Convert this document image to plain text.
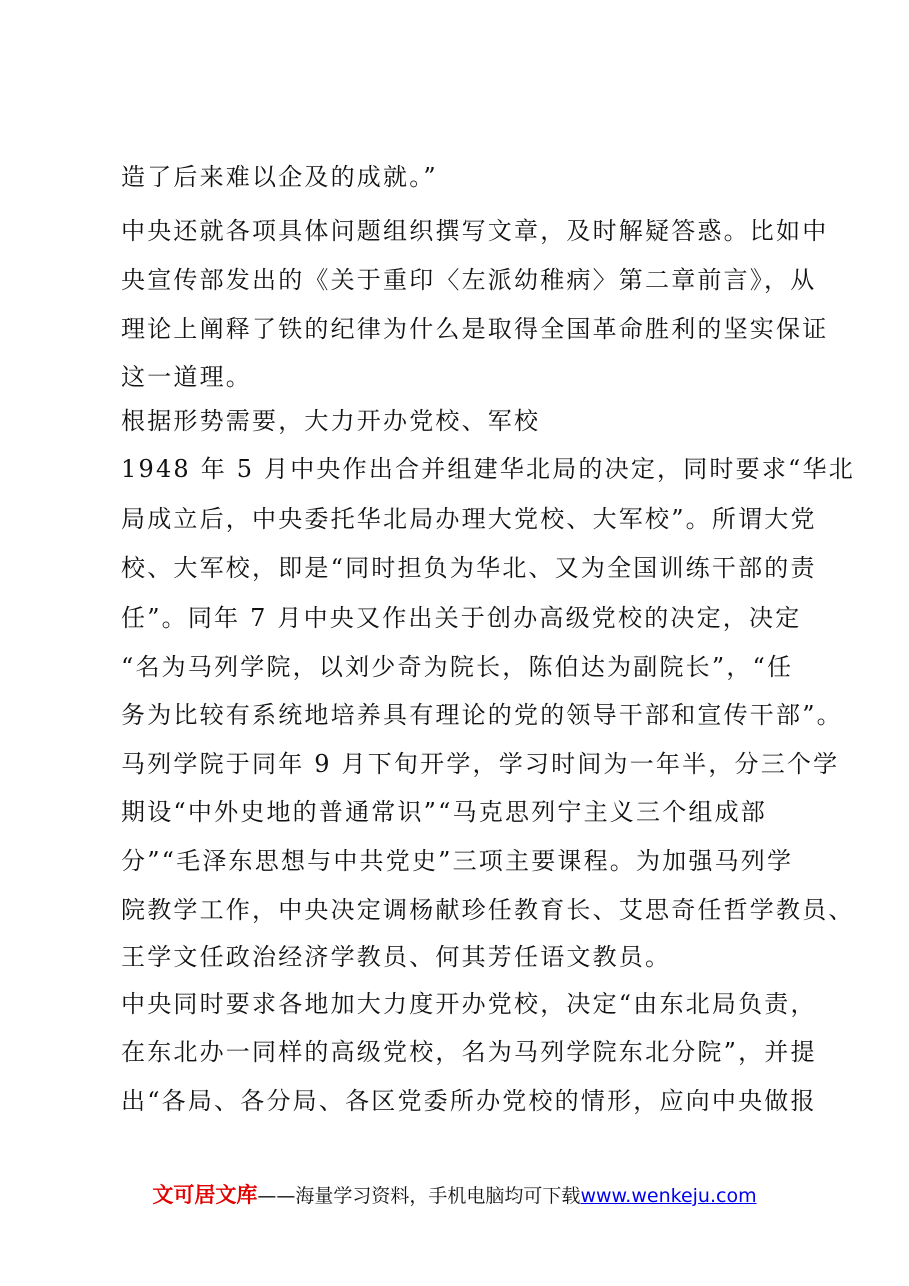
造了后来难以企及的成就。”
中央还就各项具体问题组织撰写文章，及时解疑答惑。比如中
央宣传部发出的《关于重印〈左派幼稚病〉第二章前言》，从
理论上阐释了铁的纪律为什么是取得全国革命胜利的坚实保证
这一道理。
根据形势需要，大力开办党校、军校
1948 年 5 月中央作出合并组建华北局的决定，同时要求“华北
局成立后，中央委托华北局办理大党校、大军校”。所谓大党
校、大军校，即是“同时担负为华北、又为全国训练干部的责
任”。同年 7 月中央又作出关于创办高级党校的决定，决定
“名为马列学院，以刘少奇为院长，陈伯达为副院长”，“任
务为比较有系统地培养具有理论的党的领导干部和宣传干部”。
马列学院于同年 9 月下旬开学，学习时间为一年半，分三个学
期设“中外史地的普通常识”“马克思列宁主义三个组成部
分”“毛泽东思想与中共党史”三项主要课程。为加强马列学
院教学工作，中央决定调杨献珍任教育长、艾思奇任哲学教员、
王学文任政治经济学教员、何其芳任语文教员。
中央同时要求各地加大力度开办党校，决定“由东北局负责，
在东北办一同样的高级党校，名为马列学院东北分院”，并提
出“各局、各分局、各区党委所办党校的情形，应向中央做报
文可居文库——海量学习资料，手机电脑均可下载www.wenkeju.com
